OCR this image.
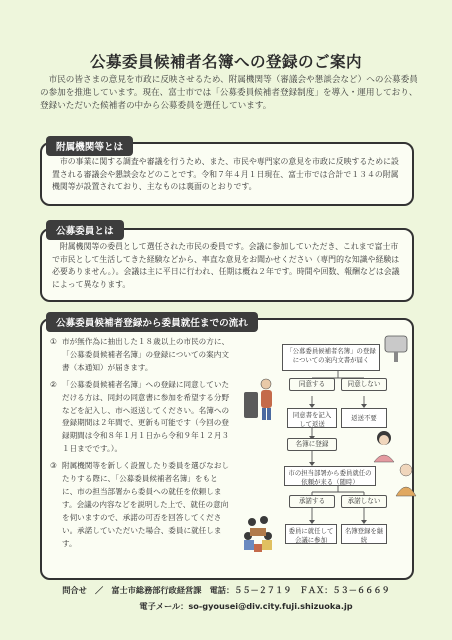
公募委員候補者名簿への登録のご案内

市民の皆さまの意見を市政に反映させるため、附属機関等（審議会や懇談会など）への公募委員の参加を推進しています。現在、富士市では「公募委員候補者登録制度」を導入・運用しており、登録いただいた候補者の中から公募委員を選任しています。

附属機関等とは

市の事業に関する調査や審議を行うため、また、市民や専門家の意見を市政に反映するために設置される審議会や懇談会などのことです。令和７年４月１日現在、富士市では合計で１３４の附属機関等が設置されており、主なものは裏面のとおりです。

公募委員とは

附属機関等の委員として選任された市民の委員です。会議に参加していただき、これまで富士市で市民として生活してきた経験などから、率直な意見をお聞かせください（専門的な知識や経験は必要ありません。）。会議は主に平日に行われ、任期は概ね２年です。時間や回数、報酬などは会議によって異なります。

公募委員候補者登録から委員就任までの流れ
① 市が無作為に抽出した１８歳以上の市民の方に、「公募委員候補者名簿」の登録についての案内文書（本通知）が届きます。
② 「公募委員候補者名簿」への登録に同意していただける方は、同封の同意書に参加を希望する分野などを記入し、市へ返送してください。名簿への登録期間は２年間で、更新も可能です（今回の登録期間は令和８年１月１日から令和９年１２月３１日までです。）。
③ 附属機関等を新しく設置したり委員を選びなおしたりする際に、「公募委員候補者名簿」をもとに、市の担当部署から委員への就任を依頼します。会議の内容などを説明した上で、就任の意向を伺いますので、承諾の可否を回答してください。承諾していただいた場合、委員に就任します。
「公募委員候補者名簿」の登録についての案内文書が届く
同意する	同意しない
同意書を記入して返送
返送不要
名簿に登録
市の担当部署から委員就任の依頼が来る（随時）
承諾する	承諾しない
委員に就任して会議に参加
名簿登録を継続
問合せ　／　富士市総務部行政経営課　電話：５５－２７１９　ＦＡＸ：５３－６６６９
電子メール：so-gyousei@div.city.fuji.shizuoka.jp
